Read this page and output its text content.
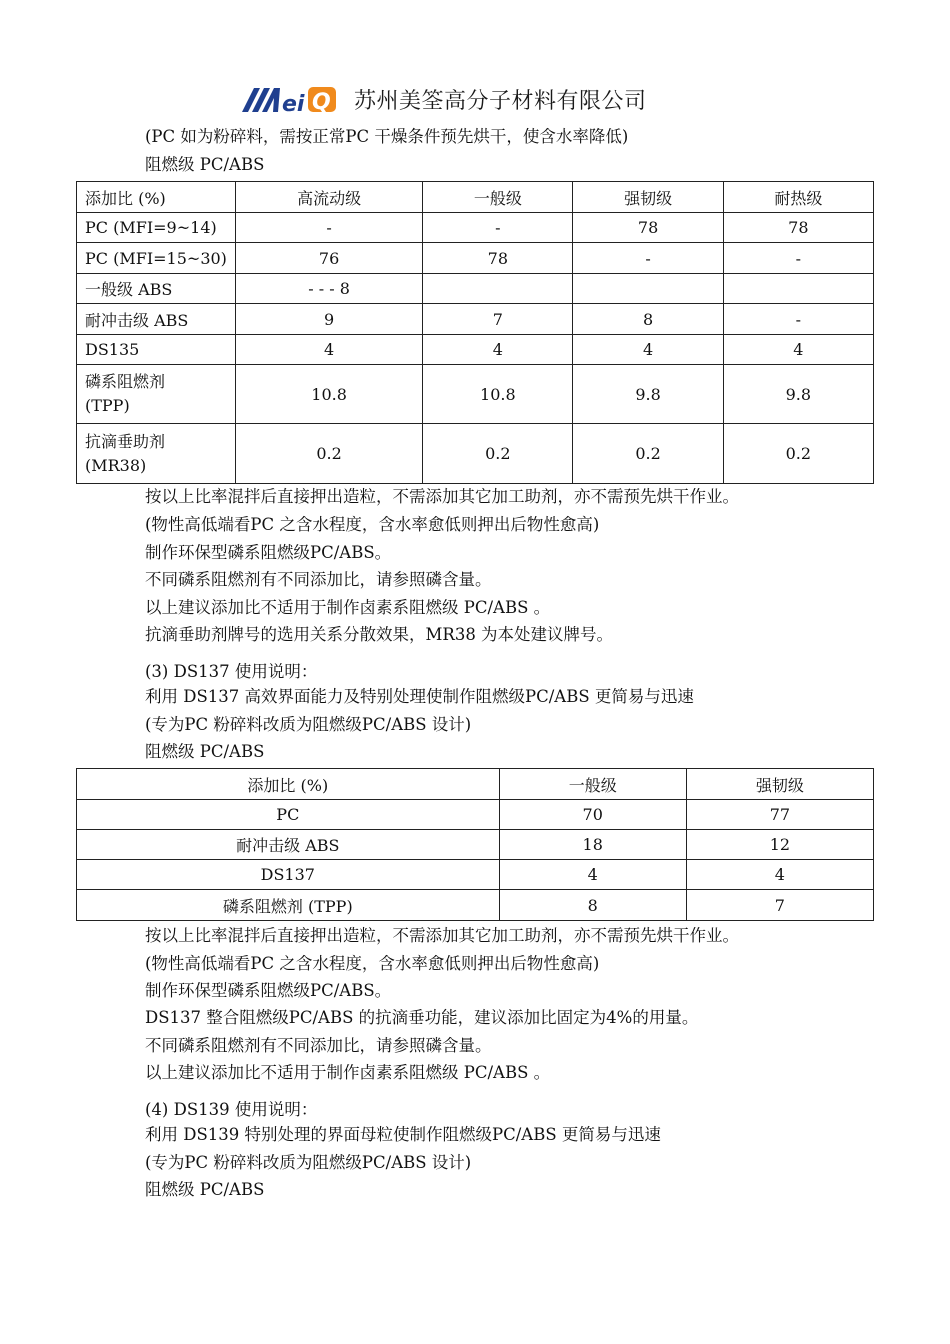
ei Q 苏州美筌高分子材料有限公司
(PC 如为粉碎料，需按正常PC 干燥条件预先烘干，使含水率降低)
阻燃级 PC/ABS
添加比 (%)	高流动级	一般级	强韧级	耐热级
PC (MFI=9~14)	-	-	78	78
PC (MFI=15~30)	76	78	-	-
一般级 ABS	- - - 8			
耐冲击级 ABS	9	7	8	-
DS135	4	4	4	4
磷系阻燃剂
(TPP)	10.8	10.8	9.8	9.8
抗滴垂助剂
(MR38)	0.2	0.2	0.2	0.2
按以上比率混拌后直接押出造粒，不需添加其它加工助剂，亦不需预先烘干作业。
(物性高低端看PC 之含水程度，含水率愈低则押出后物性愈高)
制作环保型磷系阻燃级PC/ABS。
不同磷系阻燃剂有不同添加比，请参照磷含量。
以上建议添加比不适用于制作卤素系阻燃级 PC/ABS 。
抗滴垂助剂牌号的选用关系分散效果，MR38 为本处建议牌号。
(3) DS137 使用说明：
利用 DS137 高效界面能力及特别处理使制作阻燃级PC/ABS 更简易与迅速
(专为PC 粉碎料改质为阻燃级PC/ABS 设计)
阻燃级 PC/ABS
添加比 (%)	一般级	强韧级
PC	70	77
耐冲击级 ABS	18	12
DS137	4	4
磷系阻燃剂 (TPP)	8	7
按以上比率混拌后直接押出造粒，不需添加其它加工助剂，亦不需预先烘干作业。
(物性高低端看PC 之含水程度，含水率愈低则押出后物性愈高)
制作环保型磷系阻燃级PC/ABS。
DS137 整合阻燃级PC/ABS 的抗滴垂功能，建议添加比固定为4%的用量。
不同磷系阻燃剂有不同添加比，请参照磷含量。
以上建议添加比不适用于制作卤素系阻燃级 PC/ABS 。
(4) DS139 使用说明：
利用 DS139 特别处理的界面母粒使制作阻燃级PC/ABS 更简易与迅速
(专为PC 粉碎料改质为阻燃级PC/ABS 设计)
阻燃级 PC/ABS
